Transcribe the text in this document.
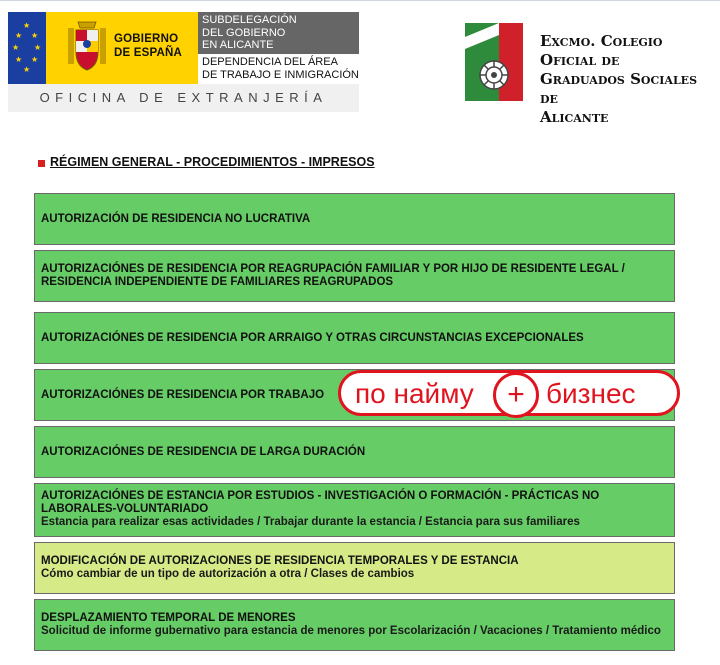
★
★ ★
★ ★
★ ★
★
GOBIERNO
DE ESPAÑA
SUBDELEGACIÓN
DEL GOBIERNO
EN ALICANTE
DEPENDENCIA DEL ÁREA
DE TRABAJO E INMIGRACIÓN
OFICINA DE EXTRANJERÍA
Excmo. Colegio Oficial de
Graduados Sociales de
Alicante
RÉGIMEN GENERAL - PROCEDIMIENTOS - IMPRESOS
AUTORIZACIÓN DE RESIDENCIA NO LUCRATIVA
AUTORIZACIÓNES DE RESIDENCIA POR REAGRUPACIÓN FAMILIAR Y POR HIJO DE RESIDENTE LEGAL / RESIDENCIA INDEPENDIENTE DE FAMILIARES REAGRUPADOS
AUTORIZACIÓNES DE RESIDENCIA POR ARRAIGO Y OTRAS CIRCUNSTANCIAS EXCEPCIONALES
AUTORIZACIÓNES DE RESIDENCIA POR TRABAJO
AUTORIZACIÓNES DE RESIDENCIA DE LARGA DURACIÓN
AUTORIZACIÓNES DE ESTANCIA POR ESTUDIOS - INVESTIGACIÓN O FORMACIÓN - PRÁCTICAS NO LABORALES-VOLUNTARIADO
Estancia para realizar esas actividades / Trabajar durante la estancia / Estancia para sus familiares
MODIFICACIÓN DE AUTORIZACIONES DE RESIDENCIA TEMPORALES Y DE ESTANCIA
Cómo cambiar de un tipo de autorización a otra / Clases de cambios
DESPLAZAMIENTO TEMPORAL DE MENORES
Solicitud de informe gubernativo para estancia de menores por Escolarización / Vacaciones / Tratamiento médico
по найму	бизнес
+
